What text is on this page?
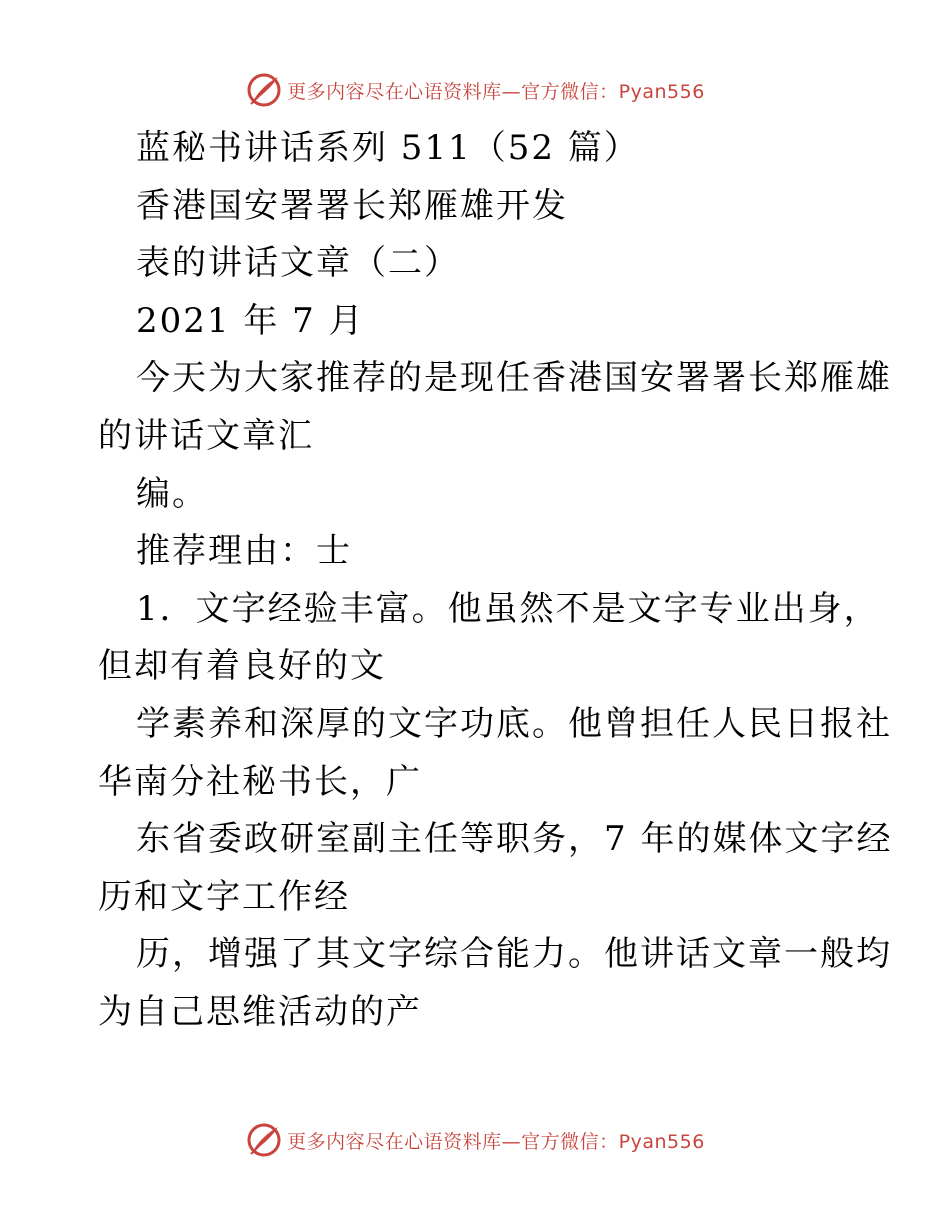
更多内容尽在心语资料库—官方微信：Pyan556
蓝秘书讲话系列 511（52 篇）
香港国安署署长郑雁雄开发
表的讲话文章（二）
2021 年 7 月
今天为大家推荐的是现任香港国安署署长郑雁雄
的讲话文章汇
编。
推荐理由：士
1．文字经验丰富。他虽然不是文字专业出身，
但却有着良好的文
学素养和深厚的文字功底。他曾担任人民日报社
华南分社秘书长，广
东省委政研室副主任等职务，7 年的媒体文字经
历和文字工作经
历，增强了其文字综合能力。他讲话文章一般均
为自己思维活动的产
更多内容尽在心语资料库—官方微信：Pyan556
